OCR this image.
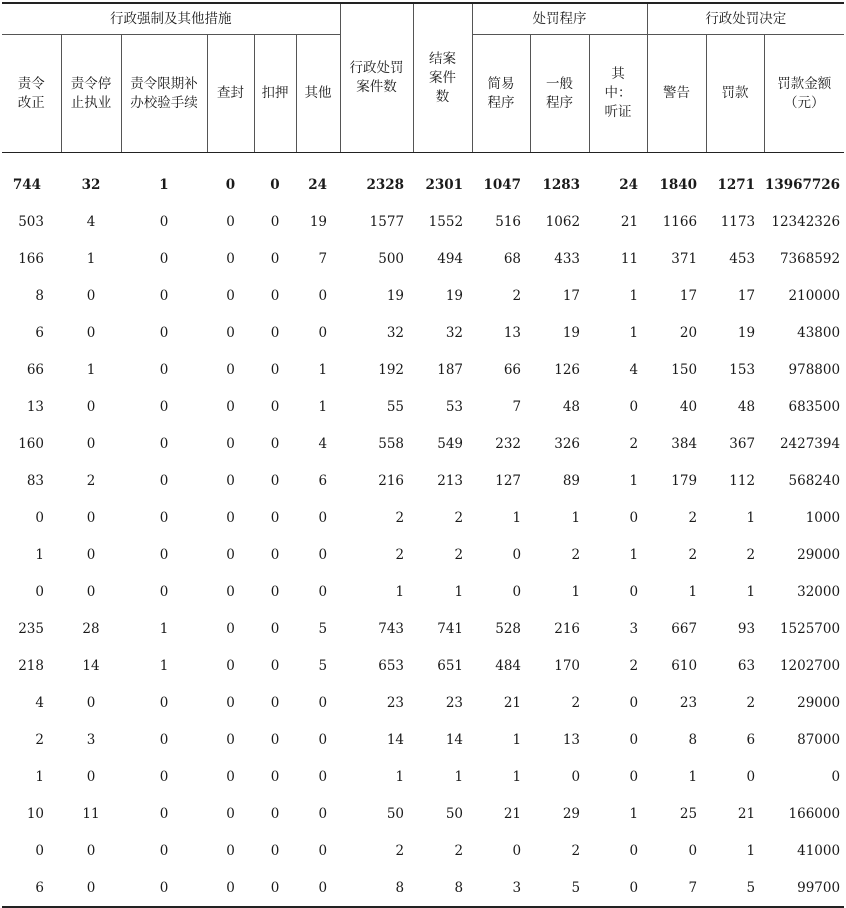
行政强制及其他措施						行政处罚案件数	结案案件数	处罚程序			行政处罚决定		

责令改正	责令停止执业	责令限期补办校验手续	查封	扣押	其他			简易程序	一般程序	其中：听证	警告	罚款	罚款金额（元）

744	32	1	0	0	24	2328	2301	1047	1283	24	1840	1271	13967726
503	4	0	0	0	19	1577	1552	516	1062	21	1166	1173	12342326
166	1	0	0	0	7	500	494	68	433	11	371	453	7368592
8	0	0	0	0	0	19	19	2	17	1	17	17	210000
6	0	0	0	0	0	32	32	13	19	1	20	19	43800
66	1	0	0	0	1	192	187	66	126	4	150	153	978800
13	0	0	0	0	1	55	53	7	48	0	40	48	683500
160	0	0	0	0	4	558	549	232	326	2	384	367	2427394
83	2	0	0	0	6	216	213	127	89	1	179	112	568240
0	0	0	0	0	0	2	2	1	1	0	2	1	1000
1	0	0	0	0	0	2	2	0	2	1	2	2	29000
0	0	0	0	0	0	1	1	0	1	0	1	1	32000
235	28	1	0	0	5	743	741	528	216	3	667	93	1525700
218	14	1	0	0	5	653	651	484	170	2	610	63	1202700
4	0	0	0	0	0	23	23	21	2	0	23	2	29000
2	3	0	0	0	0	14	14	1	13	0	8	6	87000
1	0	0	0	0	0	1	1	1	0	0	1	0	0
10	11	0	0	0	0	50	50	21	29	1	25	21	166000
0	0	0	0	0	0	2	2	0	2	0	0	1	41000
6	0	0	0	0	0	8	8	3	5	0	7	5	99700
